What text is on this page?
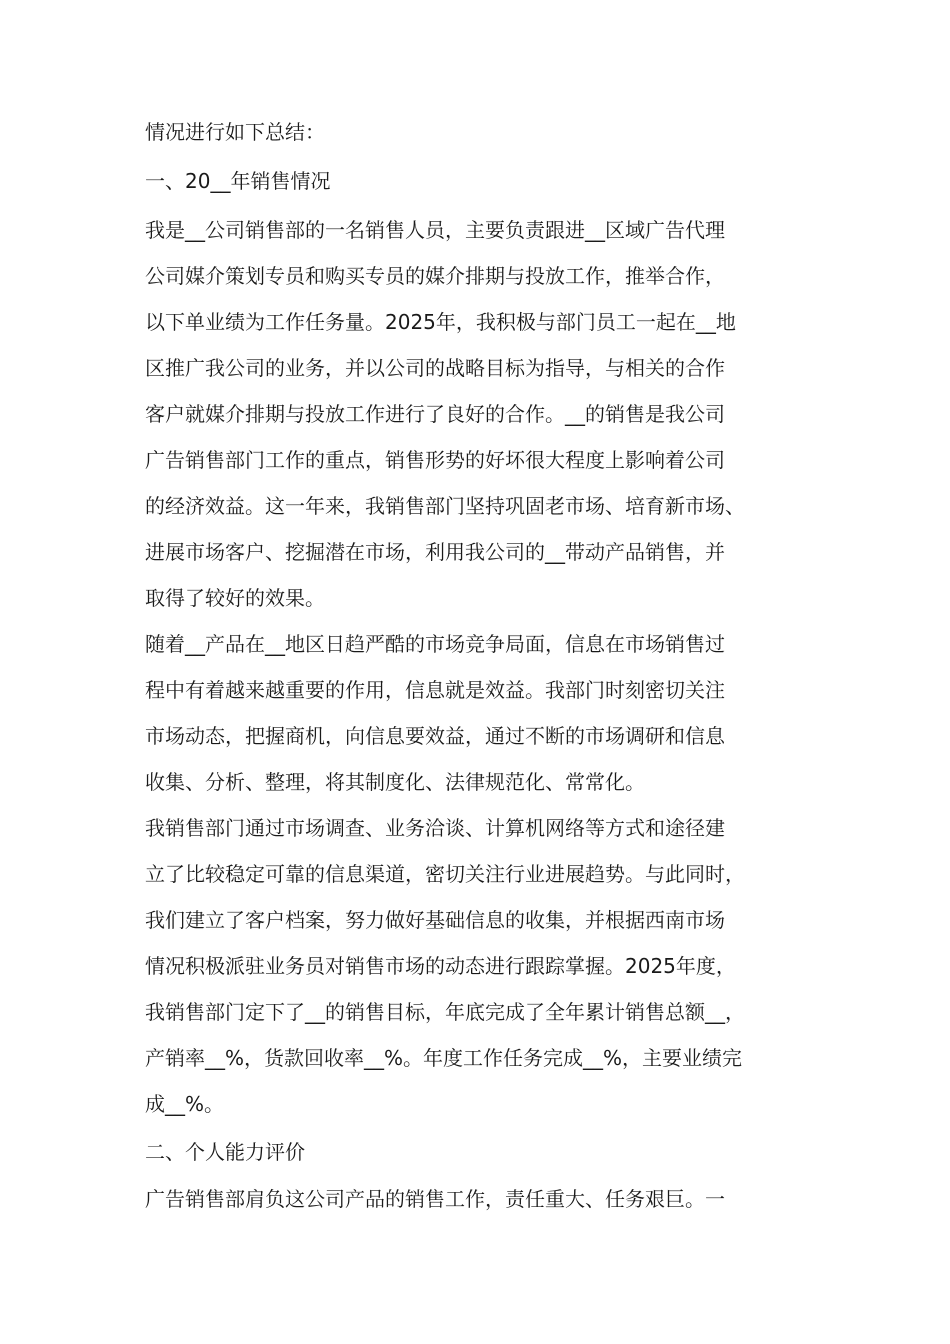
情况进行如下总结：
一、20__年销售情况
我是__公司销售部的一名销售人员，主要负责跟进__区域广告代理
公司媒介策划专员和购买专员的媒介排期与投放工作，推举合作，
以下单业绩为工作任务量。2025年，我积极与部门员工一起在__地
区推广我公司的业务，并以公司的战略目标为指导，与相关的合作
客户就媒介排期与投放工作进行了良好的合作。__的销售是我公司
广告销售部门工作的重点，销售形势的好坏很大程度上影响着公司
的经济效益。这一年来，我销售部门坚持巩固老市场、培育新市场、
进展市场客户、挖掘潜在市场，利用我公司的__带动产品销售，并
取得了较好的效果。
随着__产品在__地区日趋严酷的市场竞争局面，信息在市场销售过
程中有着越来越重要的作用，信息就是效益。我部门时刻密切关注
市场动态，把握商机，向信息要效益，通过不断的市场调研和信息
收集、分析、整理，将其制度化、法律规范化、常常化。
我销售部门通过市场调查、业务洽谈、计算机网络等方式和途径建
立了比较稳定可靠的信息渠道，密切关注行业进展趋势。与此同时，
我们建立了客户档案，努力做好基础信息的收集，并根据西南市场
情况积极派驻业务员对销售市场的动态进行跟踪掌握。2025年度，
我销售部门定下了__的销售目标，年底完成了全年累计销售总额__，
产销率__%，货款回收率__%。年度工作任务完成__%，主要业绩完
成__%。
二、个人能力评价
广告销售部肩负这公司产品的销售工作，责任重大、任务艰巨。一
